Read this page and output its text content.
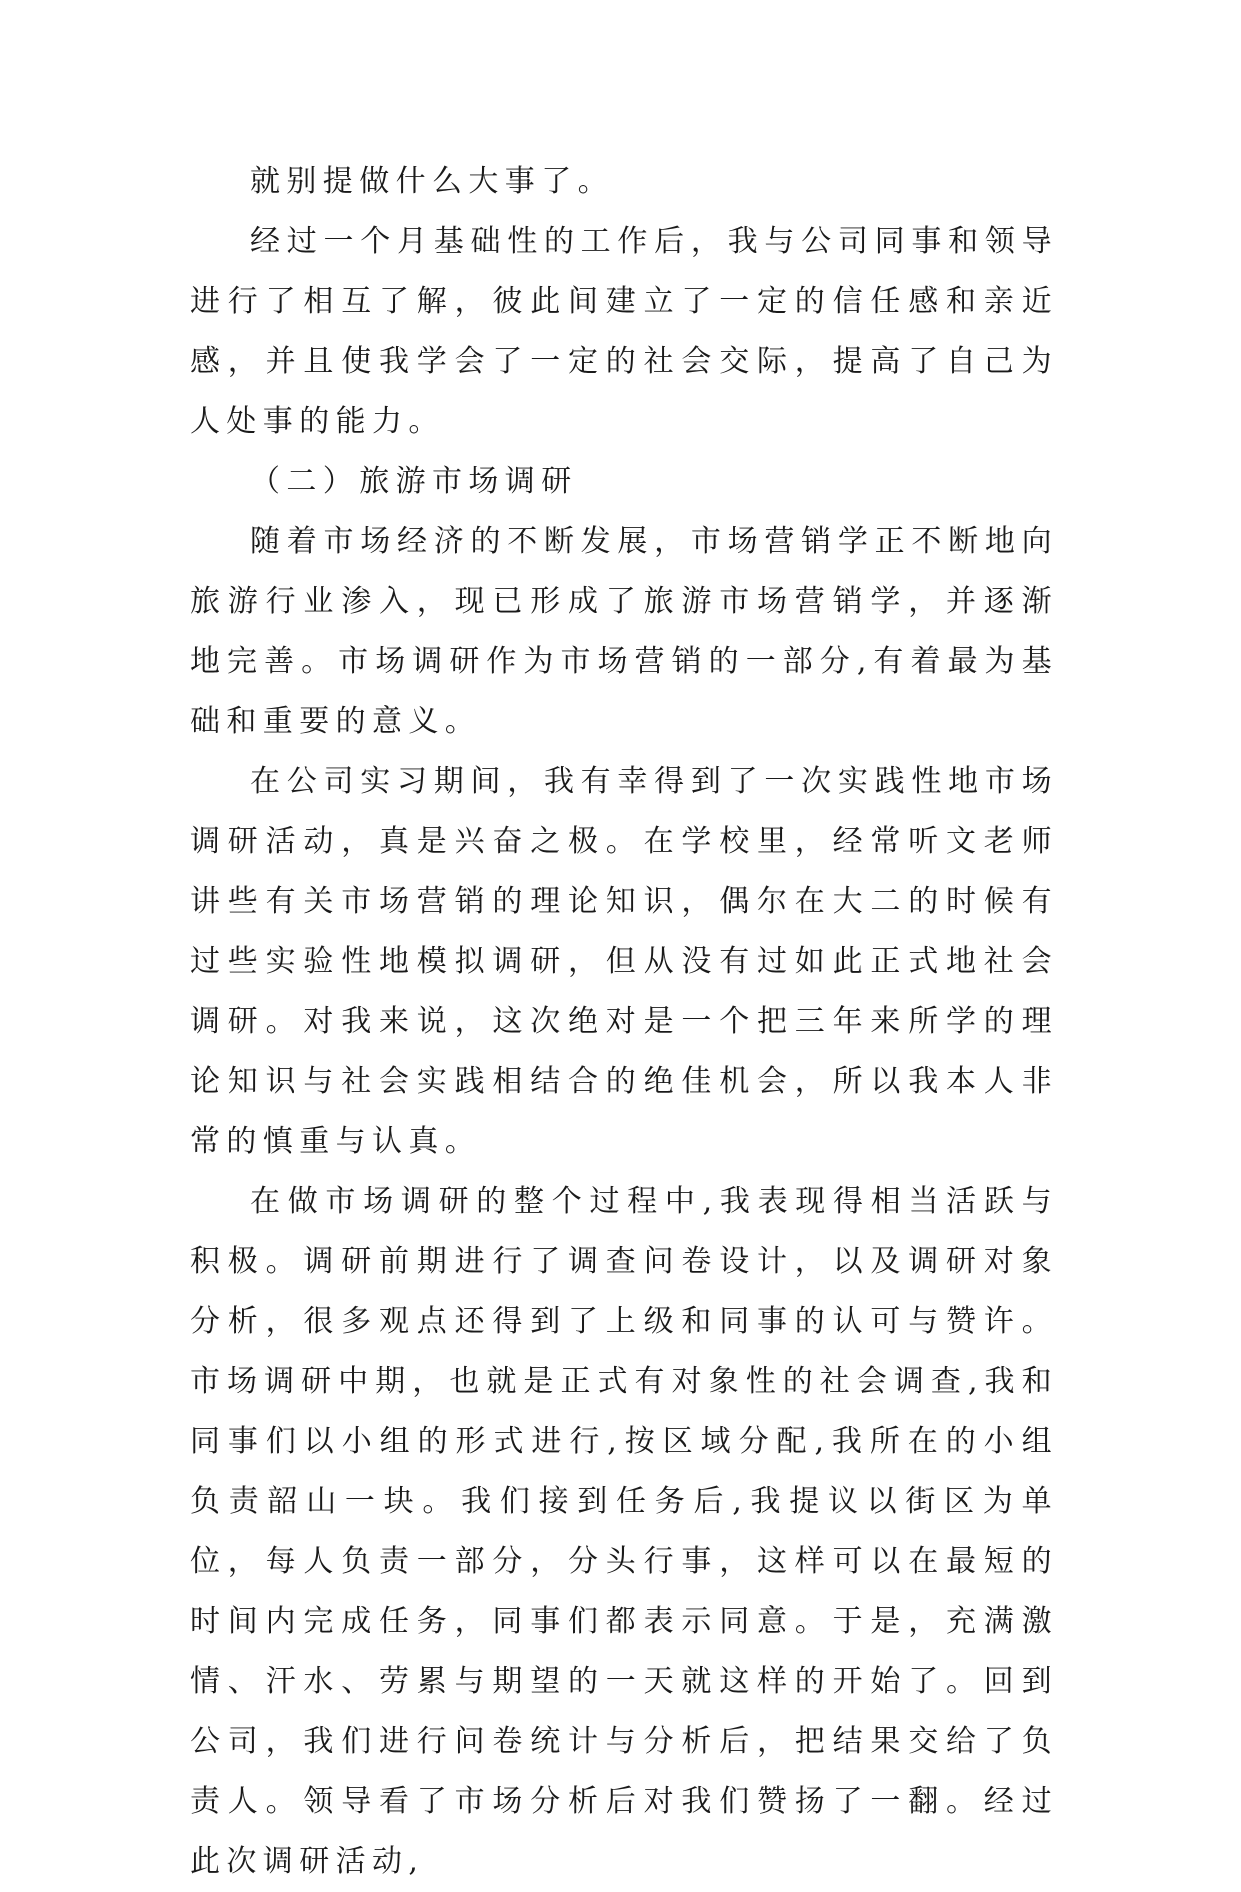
就别提做什么大事了。

经过一个月基础性的工作后，我与公司同事和领导进行了相互了解，彼此间建立了一定的信任感和亲近感，并且使我学会了一定的社会交际，提高了自己为人处事的能力。

（二）旅游市场调研

随着市场经济的不断发展，市场营销学正不断地向旅游行业渗入，现已形成了旅游市场营销学，并逐渐地完善。市场调研作为市场营销的一部分,有着最为基础和重要的意义。

在公司实习期间，我有幸得到了一次实践性地市场调研活动，真是兴奋之极。在学校里，经常听文老师讲些有关市场营销的理论知识，偶尔在大二的时候有过些实验性地模拟调研，但从没有过如此正式地社会调研。对我来说，这次绝对是一个把三年来所学的理论知识与社会实践相结合的绝佳机会，所以我本人非常的慎重与认真。

在做市场调研的整个过程中,我表现得相当活跃与积极。调研前期进行了调查问卷设计，以及调研对象分析，很多观点还得到了上级和同事的认可与赞许。市场调研中期，也就是正式有对象性的社会调查,我和同事们以小组的形式进行,按区域分配,我所在的小组负责韶山一块。我们接到任务后,我提议以街区为单位，每人负责一部分，分头行事，这样可以在最短的时间内完成任务，同事们都表示同意。于是，充满激情、汗水、劳累与期望的一天就这样的开始了。回到公司，我们进行问卷统计与分析后，把结果交给了负责人。领导看了市场分析后对我们赞扬了一翻。经过此次调研活动,
